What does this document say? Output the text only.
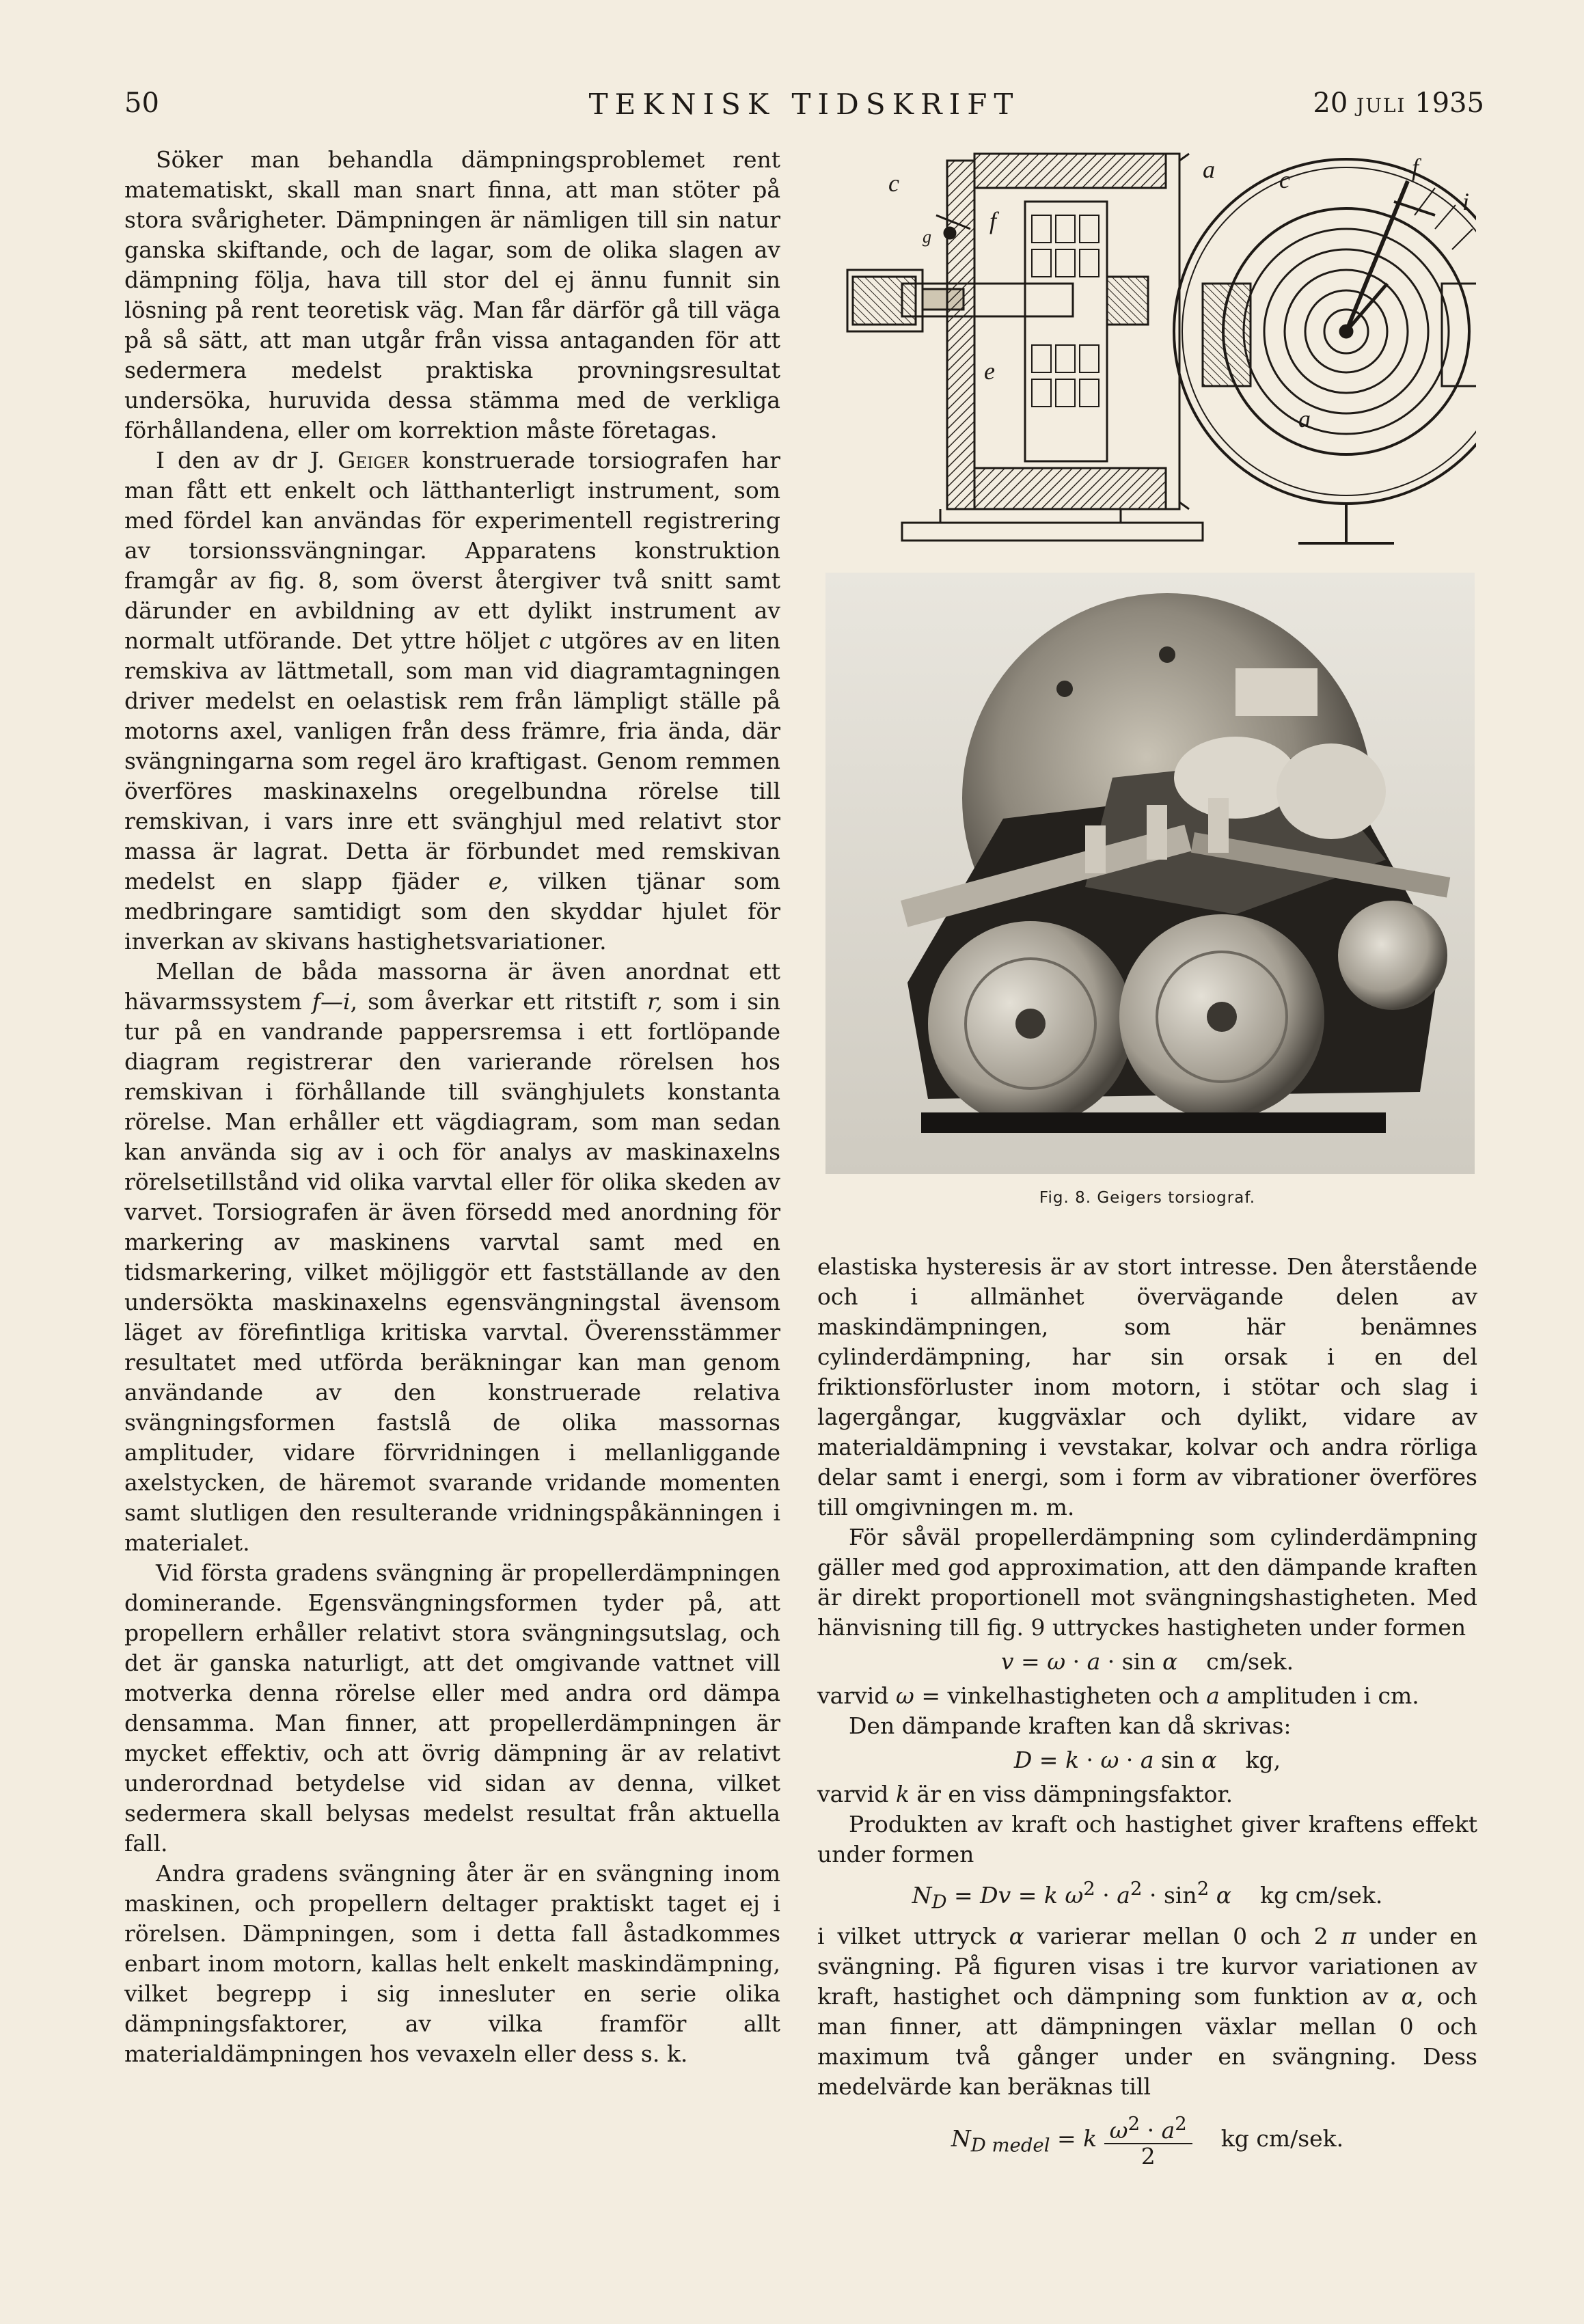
50	TEKNISK TIDSKRIFT	20 juli 1935

Söker man behandla dämpningsproblemet rent matematiskt, skall man snart finna, att man stöter på stora svårigheter. Dämpningen är nämligen till sin natur ganska skiftande, och de lagar, som de olika slagen av dämpning följa, hava till stor del ej ännu funnit sin lösning på rent teoretisk väg. Man får därför gå till väga på så sätt, att man utgår från vissa antaganden för att sedermera medelst praktiska provningsresultat undersöka, huruvida dessa stämma med de verkliga förhållandena, eller om korrektion måste företagas.

I den av dr J. Geiger konstruerade torsiografen har man fått ett enkelt och lätthanterligt instrument, som med fördel kan användas för experimentell registrering av torsionssvängningar. Apparatens konstruktion framgår av fig. 8, som överst återgiver två snitt samt därunder en avbildning av ett dylikt instrument av normalt utförande. Det yttre höljet c utgöres av en liten remskiva av lättmetall, som man vid diagramtagningen driver medelst en oelastisk rem från lämpligt ställe på motorns axel, vanligen från dess främre, fria ända, där svängningarna som regel äro kraftigast. Genom remmen överföres maskinaxelns oregelbundna rörelse till remskivan, i vars inre ett svänghjul med relativt stor massa är lagrat. Detta är förbundet med remskivan medelst en slapp fjäder e, vilken tjänar som medbringare samtidigt som den skyddar hjulet för inverkan av skivans hastighetsvariationer.

Mellan de båda massorna är även anordnat ett hävarmssystem f—i, som åverkar ett ritstift r, som i sin tur på en vandrande pappersremsa i ett fortlöpande diagram registrerar den varierande rörelsen hos remskivan i förhållande till svänghjulets konstanta rörelse. Man erhåller ett vägdiagram, som man sedan kan använda sig av i och för analys av maskinaxelns rörelsetillstånd vid olika varvtal eller för olika skeden av varvet. Torsiografen är även försedd med anordning för markering av maskinens varvtal samt med en tidsmarkering, vilket möjliggör ett fastställande av den undersökta maskinaxelns egensvängningstal ävensom läget av förefintliga kritiska varvtal. Överensstämmer resultatet med utförda beräkningar kan man genom användande av den konstruerade relativa svängningsformen fastslå de olika massornas amplituder, vidare förvridningen i mellanliggande axelstycken, de häremot svarande vridande momenten samt slutligen den resulterande vridningspåkänningen i materialet.

Vid första gradens svängning är propellerdämpningen dominerande. Egensvängningsformen tyder på, att propellern erhåller relativt stora svängningsutslag, och det är ganska naturligt, att det omgivande vattnet vill motverka denna rörelse eller med andra ord dämpa densamma. Man finner, att propellerdämpningen är mycket effektiv, och att övrig dämpning är av relativt underordnad betydelse vid sidan av denna, vilket sedermera skall belysas medelst resultat från aktuella fall.

Andra gradens svängning åter är en svängning inom maskinen, och propellern deltager praktiskt taget ej i rörelsen. Dämpningen, som i detta fall åstadkommes enbart inom motorn, kallas helt enkelt maskindämpning, vilket begrepp i sig innesluter en serie olika dämpningsfaktorer, av vilka framför allt materialdämpningen hos vevaxeln eller dess s. k.

c	a
f
g
e
c	f
i
a
Fig. 8. Geigers torsiograf.

elastiska hysteresis är av stort intresse. Den återstående och i allmänhet övervägande delen av maskindämpningen, som här benämnes cylinderdämpning, har sin orsak i en del friktionsförluster inom motorn, i stötar och slag i lagergångar, kuggväxlar och dylikt, vidare av materialdämpning i vevstakar, kolvar och andra rörliga delar samt i energi, som i form av vibrationer överföres till omgivningen m. m.

För såväl propellerdämpning som cylinderdämpning gäller med god approximation, att den dämpande kraften är direkt proportionell mot svängningshastigheten. Med hänvisning till fig. 9 uttryckes hastigheten under formen

v = ω · a · sin α cm/sek.

varvid ω = vinkelhastigheten och a amplituden i cm.

Den dämpande kraften kan då skrivas:

D = k · ω · a sin α kg,

varvid k är en viss dämpningsfaktor.

Produkten av kraft och hastighet giver kraftens effekt under formen

$N_D = Dv = k$ $\omega^2 \cdot a^2 \cdot \sin^2 \alpha$ kg cm/sek.

i vilket uttryck α varierar mellan 0 och 2 π under en svängning. På figuren visas i tre kurvor variationen av kraft, hastighet och dämpning som funktion av α, och man finner, att dämpningen växlar mellan 0 och maximum två gånger under en svängning. Dess medelvärde kan beräknas till

$N_{D medel} = k \frac{\omega^2 \cdot a^2}{2}$ kg cm/sek.
